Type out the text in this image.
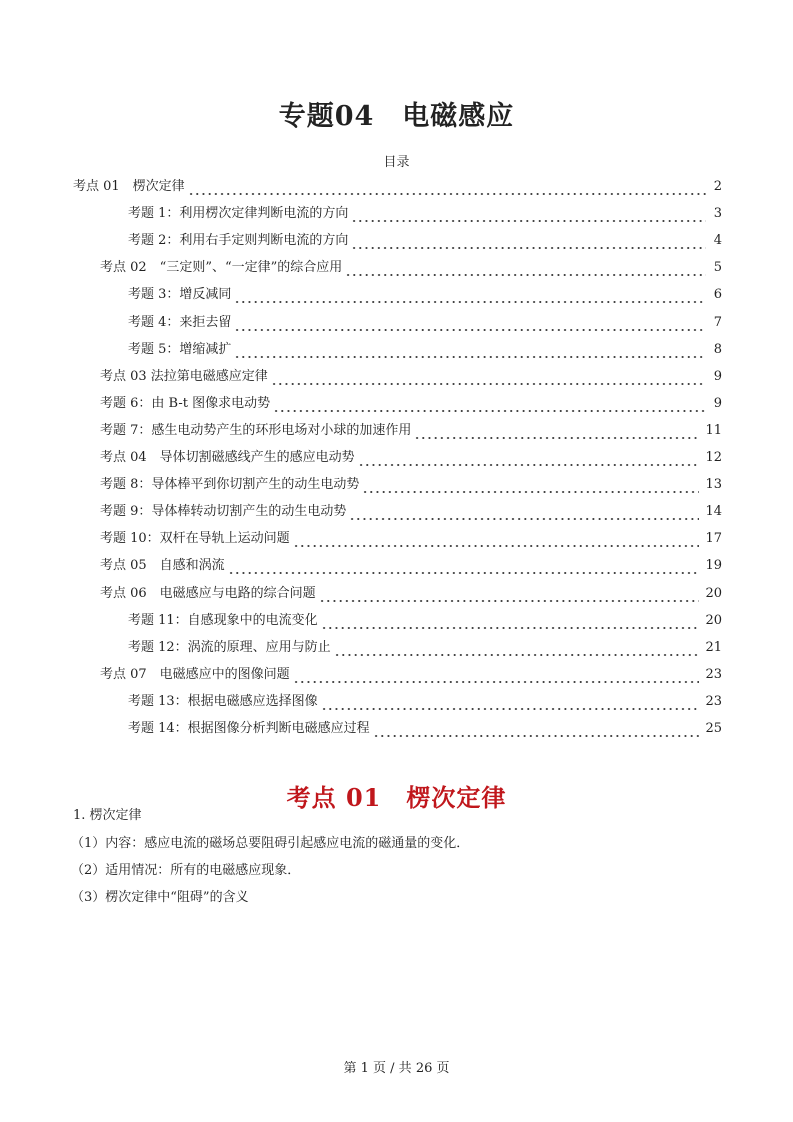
专题04　电磁感应
目录
考点 01　楞次定律	2
考题 1：利用楞次定律判断电流的方向	3
考题 2：利用右手定则判断电流的方向	4
考点 02　“三定则”、“一定律”的综合应用	5
考题 3：增反减同	6
考题 4：来拒去留	7
考题 5：增缩减扩	8
考点 03 法拉第电磁感应定律	9
考题 6：由 B-t 图像求电动势	9
考题 7：感生电动势产生的环形电场对小球的加速作用	11
考点 04　导体切割磁感线产生的感应电动势	12
考题 8：导体棒平到你切割产生的动生电动势	13
考题 9：导体棒转动切割产生的动生电动势	14
考题 10：双杆在导轨上运动问题	17
考点 05　自感和涡流	19
考点 06　电磁感应与电路的综合问题	20
考题 11：自感现象中的电流变化	20
考题 12：涡流的原理、应用与防止	21
考点 07　电磁感应中的图像问题	23
考题 13：根据电磁感应选择图像	23
考题 14：根据图像分析判断电磁感应过程	25
考点 01　楞次定律
1. 楞次定律
（1）内容：感应电流的磁场总要阻碍引起感应电流的磁通量的变化．
（2）适用情况：所有的电磁感应现象．
（3）楞次定律中“阻碍”的含义
第 1 页 / 共 26 页
